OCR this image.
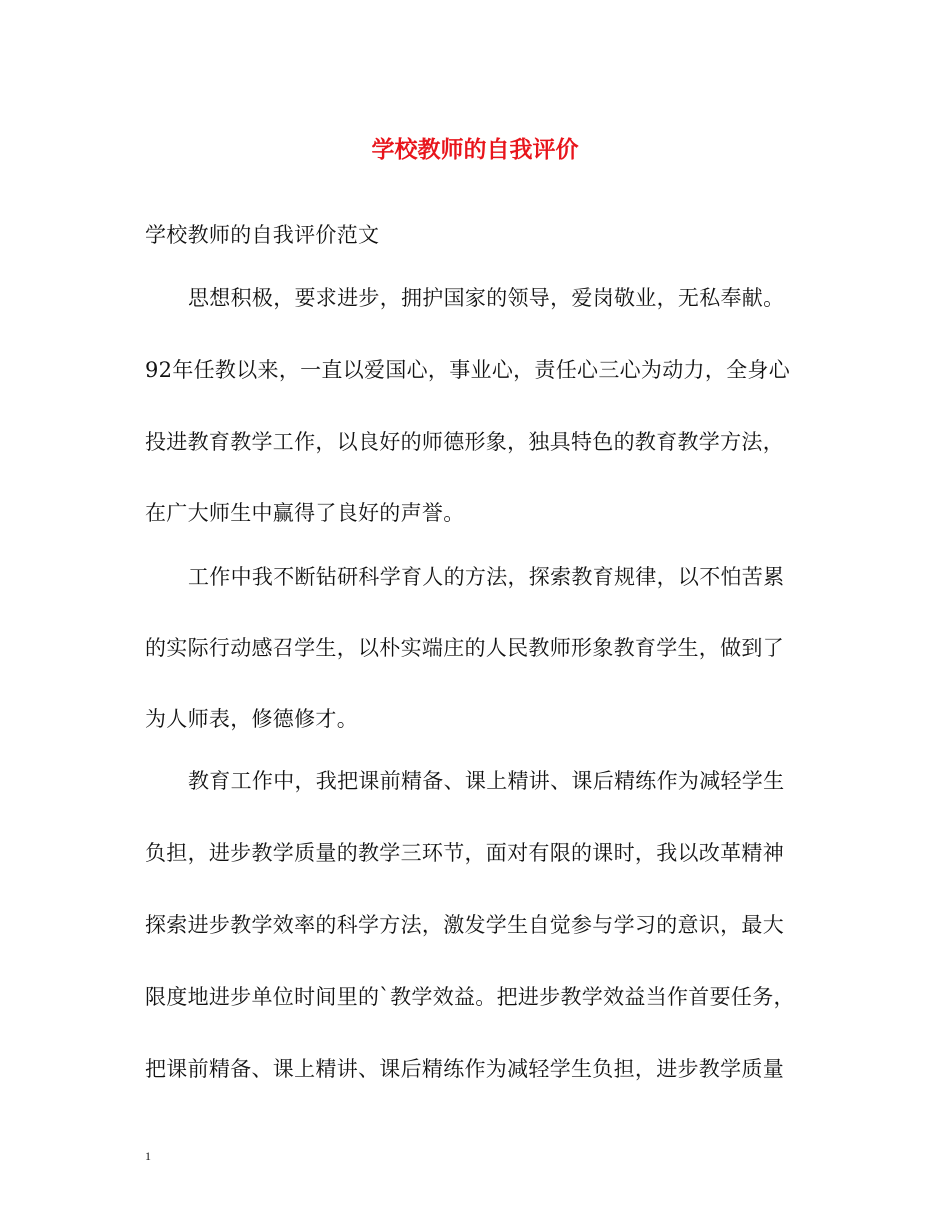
学校教师的自我评价
学校教师的自我评价范文
思想积极，要求进步，拥护国家的领导，爱岗敬业，无私奉献。
92年任教以来，一直以爱国心，事业心，责任心三心为动力，全身心
投进教育教学工作，以良好的师德形象，独具特色的教育教学方法，
在广大师生中赢得了良好的声誉。
工作中我不断钻研科学育人的方法，探索教育规律，以不怕苦累
的实际行动感召学生，以朴实端庄的人民教师形象教育学生，做到了
为人师表，修德修才。
教育工作中，我把课前精备、课上精讲、课后精练作为减轻学生
负担，进步教学质量的教学三环节，面对有限的课时，我以改革精神
探索进步教学效率的科学方法，激发学生自觉参与学习的意识，最大
限度地进步单位时间里的`教学效益。把进步教学效益当作首要任务，
把课前精备、课上精讲、课后精练作为减轻学生负担，进步教学质量
1
